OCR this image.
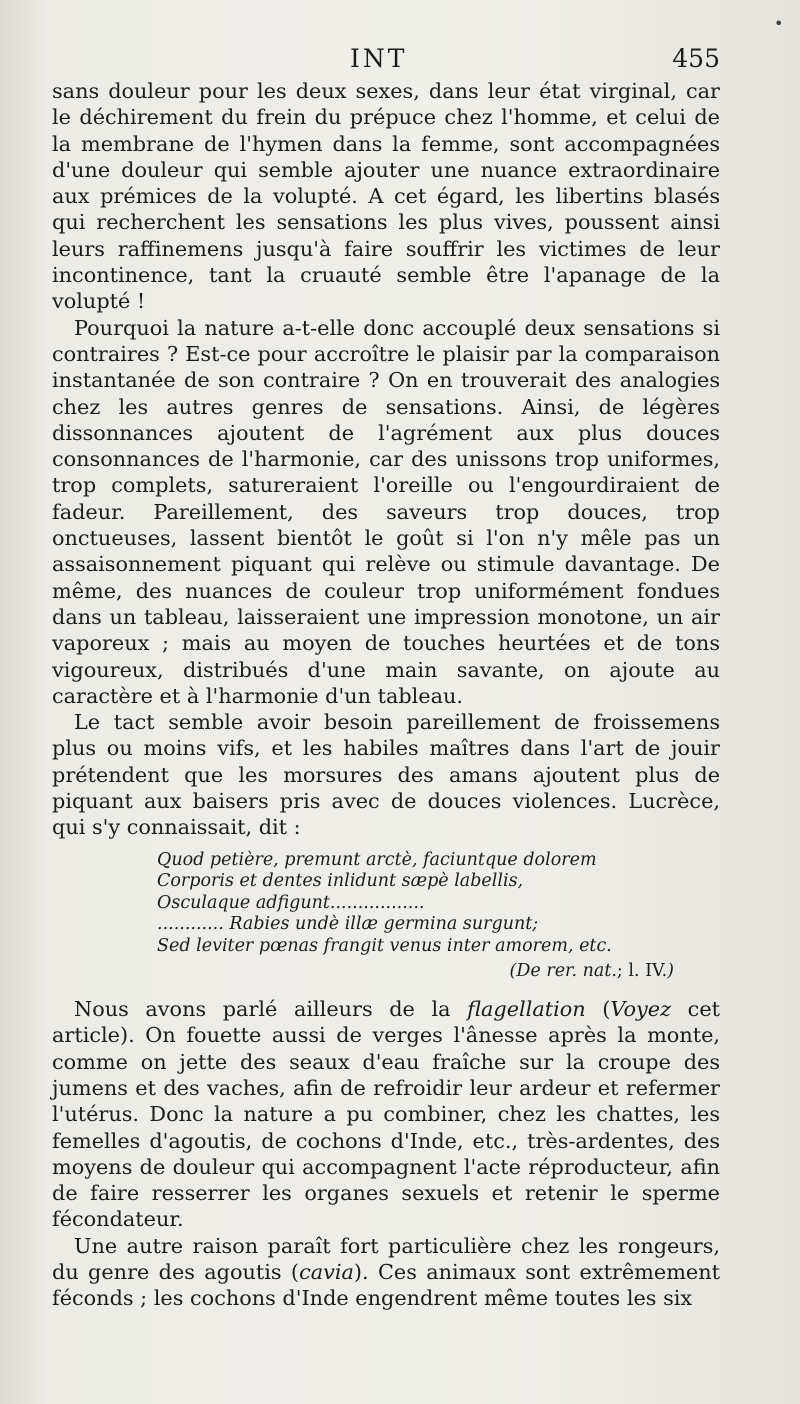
INT	455

sans douleur pour les deux sexes, dans leur état virginal, car le déchirement du frein du prépuce chez l'homme, et celui de la membrane de l'hymen dans la femme, sont accompagnées d'une douleur qui semble ajouter une nuance extraordinaire aux prémices de la volupté. A cet égard, les libertins blasés qui recherchent les sensations les plus vives, poussent ainsi leurs raffinemens jusqu'à faire souffrir les victimes de leur incontinence, tant la cruauté semble être l'apanage de la volupté !

Pourquoi la nature a-t-elle donc accouplé deux sensations si contraires ? Est-ce pour accroître le plaisir par la comparaison instantanée de son contraire ? On en trouverait des analogies chez les autres genres de sensations. Ainsi, de légères dissonnances ajoutent de l'agrément aux plus douces consonnances de l'harmonie, car des unissons trop uniformes, trop complets, satureraient l'oreille ou l'engourdiraient de fadeur. Pareillement, des saveurs trop douces, trop onctueuses, lassent bientôt le goût si l'on n'y mêle pas un assaisonnement piquant qui relève ou stimule davantage. De même, des nuances de couleur trop uniformément fondues dans un tableau, laisseraient une impression monotone, un air vaporeux ; mais au moyen de touches heurtées et de tons vigoureux, distribués d'une main savante, on ajoute au caractère et à l'harmonie d'un tableau.

Le tact semble avoir besoin pareillement de froissemens plus ou moins vifs, et les habiles maîtres dans l'art de jouir prétendent que les morsures des amans ajoutent plus de piquant aux baisers pris avec de douces violences. Lucrèce, qui s'y connaissait, dit :

Quod petière, premunt arctè, faciuntque dolorem
Corporis et dentes inlidunt sæpè labellis,
Osculaque adfigunt.................
............ Rabies undè illæ germina surgunt;
Sed leviter pœnas frangit venus inter amorem, etc.
(De rer. nat.; l. IV.)

Nous avons parlé ailleurs de la flagellation (Voyez cet article). On fouette aussi de verges l'ânesse après la monte, comme on jette des seaux d'eau fraîche sur la croupe des jumens et des vaches, afin de refroidir leur ardeur et refermer l'utérus. Donc la nature a pu combiner, chez les chattes, les femelles d'agoutis, de cochons d'Inde, etc., très-ardentes, des moyens de douleur qui accompagnent l'acte réproducteur, afin de faire resserrer les organes sexuels et retenir le sperme fécondateur.

Une autre raison paraît fort particulière chez les rongeurs, du genre des agoutis (cavia). Ces animaux sont extrêmement féconds ; les cochons d'Inde engendrent même toutes les six

•
